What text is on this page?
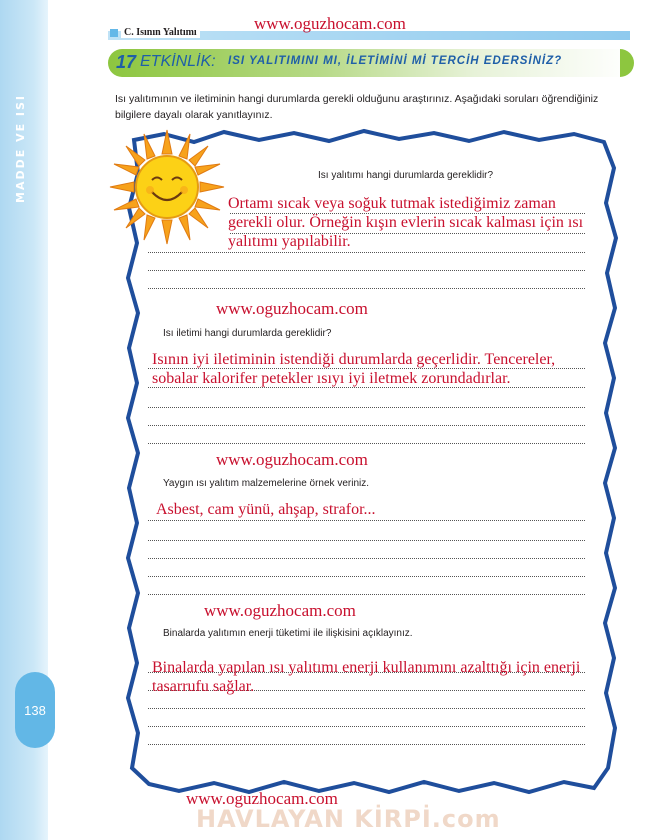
MADDE VE ISI
138
C. Isının Yalıtımı	www.oguzhocam.com
17 ETKİNLİK: ISI YALITIMINI MI, İLETİMİNİ Mİ TERCİH EDERSİNİZ?
Isı yalıtımının ve iletiminin hangi durumlarda gerekli olduğunu araştırınız. Aşağıdaki soruları öğrendiğiniz bilgilere dayalı olarak yanıtlayınız.
Isı yalıtımı hangi durumlarda gereklidir?
Ortamı sıcak veya soğuk tutmak istediğimiz zaman gerekli olur. Örneğin kışın evlerin sıcak kalması için ısı yalıtımı yapılabilir.
www.oguzhocam.com
Isı iletimi hangi durumlarda gereklidir?
Isının iyi iletiminin istendiği durumlarda geçerlidir. Tencereler, sobalar kalorifer petekler ısıyı iyi iletmek zorundadırlar.
www.oguzhocam.com
Yaygın ısı yalıtım malzemelerine örnek veriniz.
Asbest, cam yünü, ahşap, strafor...
www.oguzhocam.com
Binalarda yalıtımın enerji tüketimi ile ilişkisini açıklayınız.
Binalarda yapılan ısı yalıtımı enerji kullanımını azalttığı için enerji tasarrufu sağlar.
HAVLAYAN KİRPİ.com
www.oguzhocam.com
